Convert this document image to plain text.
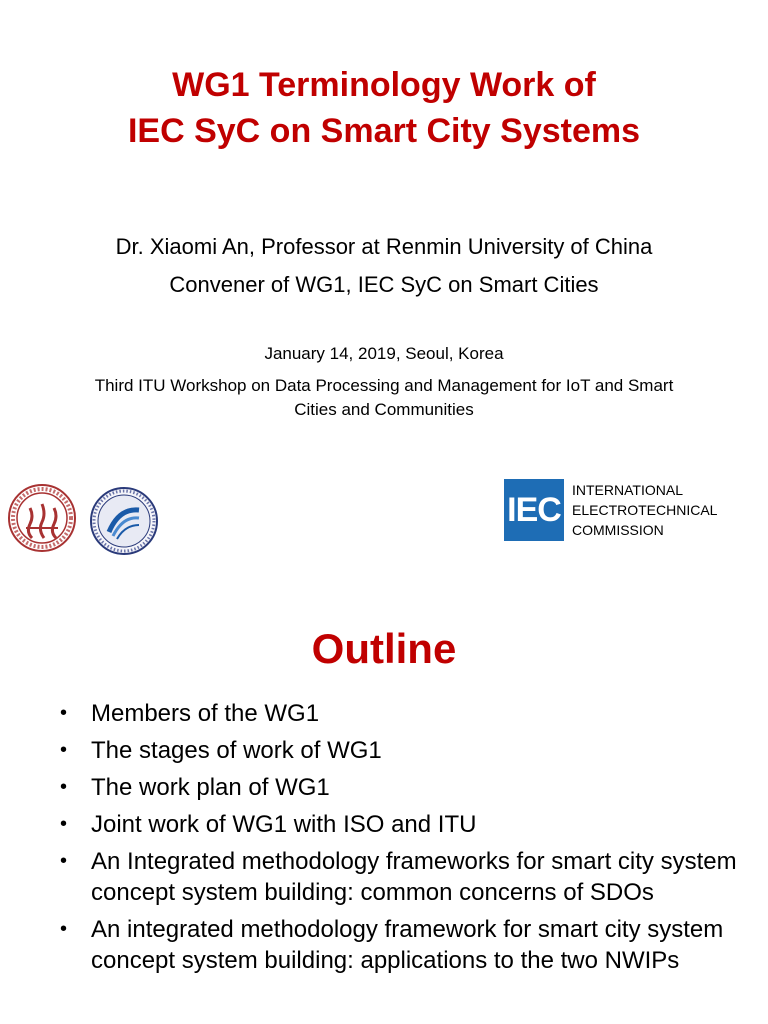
WG1 Terminology Work of
IEC SyC on Smart City Systems
Dr. Xiaomi An, Professor at Renmin University of China
Convener of WG1, IEC SyC on Smart Cities
January 14, 2019, Seoul, Korea
Third ITU Workshop on Data Processing and Management for IoT and Smart
Cities and Communities
IEC
INTERNATIONAL
ELECTROTECHNICAL
COMMISSION
Outline
• Members of the WG1
• The stages of work of WG1
• The work plan of WG1
• Joint work of WG1 with ISO and ITU
• An Integrated methodology frameworks for smart city system concept system building: common concerns of SDOs
• An integrated methodology framework for smart city system concept system building: applications to the two NWIPs
